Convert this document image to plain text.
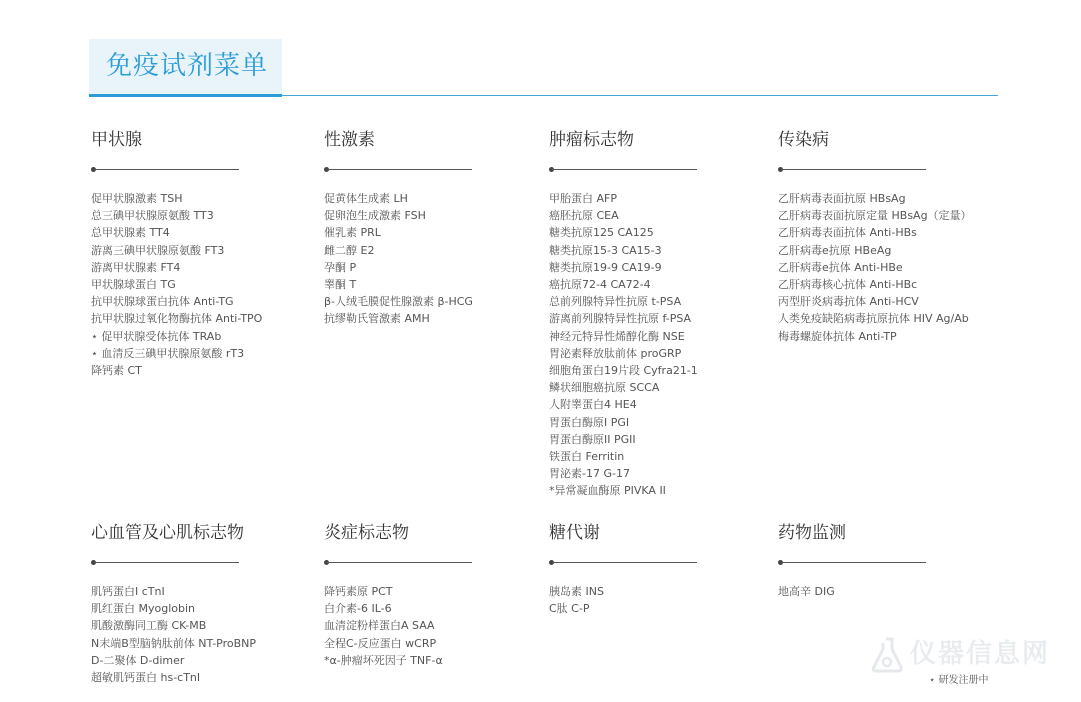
免疫试剂菜单
甲状腺
促甲状腺激素 TSH
总三碘甲状腺原氨酸 TT3
总甲状腺素 TT4
游离三碘甲状腺原氨酸 FT3
游离甲状腺素 FT4
甲状腺球蛋白 TG
抗甲状腺球蛋白抗体 Anti-TG
抗甲状腺过氧化物酶抗体 Anti-TPO
⋆ 促甲状腺受体抗体 TRAb
⋆ 血清反三碘甲状腺原氨酸 rT3
降钙素 CT
性激素
促黄体生成素 LH
促卵泡生成激素 FSH
催乳素 PRL
雌二醇 E2
孕酮 P
睾酮 T
β-人绒毛膜促性腺激素 β-HCG
抗缪勒氏管激素 AMH
肿瘤标志物
甲胎蛋白 AFP
癌胚抗原 CEA
糖类抗原125 CA125
糖类抗原15-3 CA15-3
糖类抗原19-9 CA19-9
癌抗原72-4 CA72-4
总前列腺特异性抗原 t-PSA
游离前列腺特异性抗原 f-PSA
神经元特异性烯醇化酶 NSE
胃泌素释放肽前体 proGRP
细胞角蛋白19片段 Cyfra21-1
鳞状细胞癌抗原 SCCA
人附睾蛋白4 HE4
胃蛋白酶原I PGI
胃蛋白酶原II PGII
铁蛋白 Ferritin
胃泌素-17 G-17
*异常凝血酶原 PIVKA II
传染病
乙肝病毒表面抗原 HBsAg
乙肝病毒表面抗原定量 HBsAg（定量）
乙肝病毒表面抗体 Anti-HBs
乙肝病毒e抗原 HBeAg
乙肝病毒e抗体 Anti-HBe
乙肝病毒核心抗体 Anti-HBc
丙型肝炎病毒抗体 Anti-HCV
人类免疫缺陷病毒抗原抗体 HIV Ag/Ab
梅毒螺旋体抗体 Anti-TP
心血管及心肌标志物
肌钙蛋白I cTnI
肌红蛋白 Myoglobin
肌酸激酶同工酶 CK-MB
N末端B型脑钠肽前体 NT-ProBNP
D-二聚体 D-dimer
超敏肌钙蛋白 hs-cTnI
炎症标志物
降钙素原 PCT
白介素-6 IL-6
血清淀粉样蛋白A SAA
全程C-反应蛋白 wCRP
*α-肿瘤坏死因子 TNF-α
糖代谢
胰岛素 INS
C肽 C-P
药物监测
地高辛 DIG
仪器信息网
⋆ 研发注册中
